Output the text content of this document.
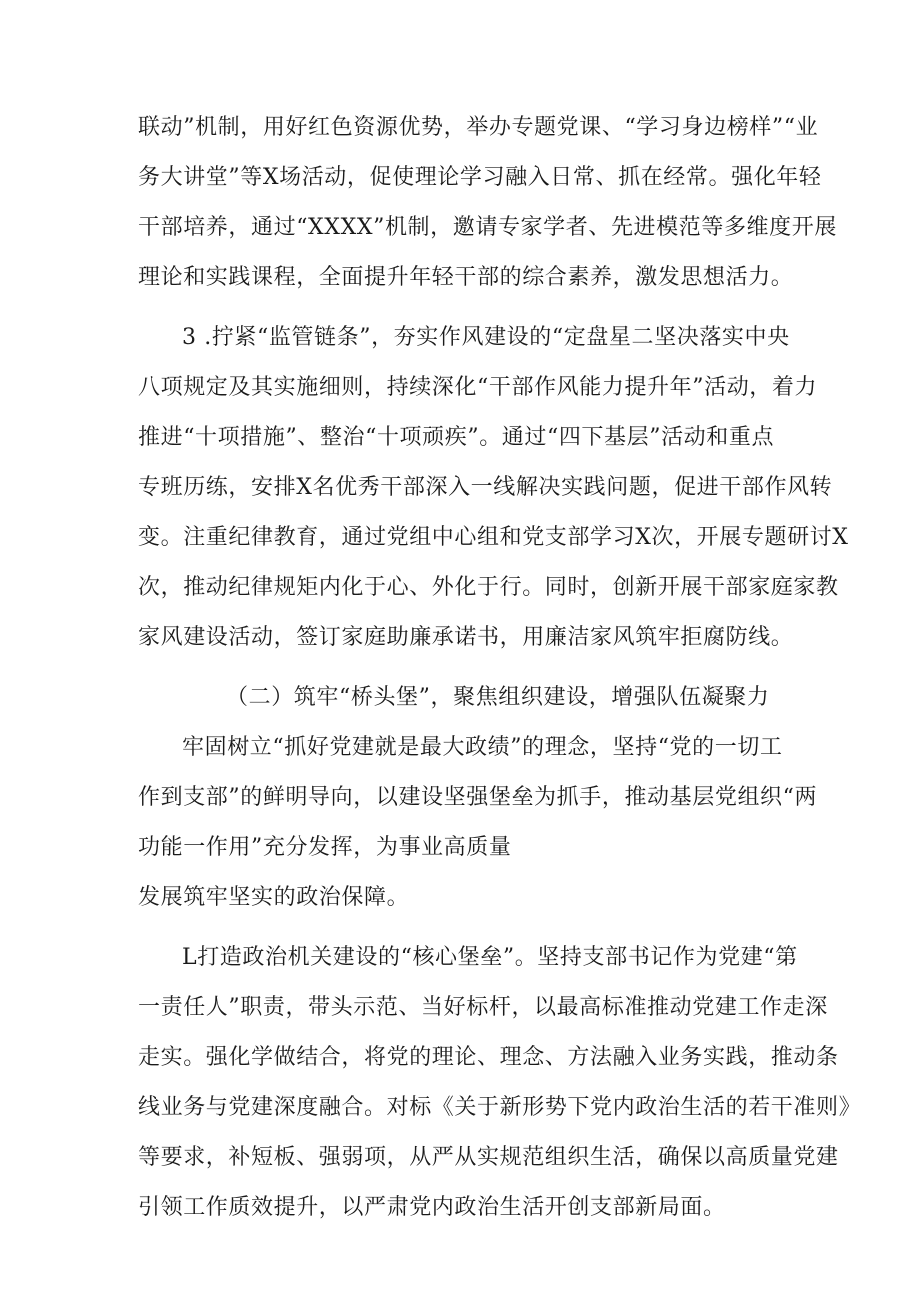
联动”机制，用好红色资源优势，举办专题党课、“学习身边榜样”“业
务大讲堂”等X场活动，促使理论学习融入日常、抓在经常。强化年轻
干部培养，通过“XXXX”机制，邀请专家学者、先进模范等多维度开展
理论和实践课程，全面提升年轻干部的综合素养，激发思想活力。
3 .拧紧“监管链条”，夯实作风建设的“定盘星二坚决落实中央
八项规定及其实施细则，持续深化“干部作风能力提升年”活动，着力
推进“十项措施”、整治“十项顽疾”。通过“四下基层”活动和重点
专班历练，安排X名优秀干部深入一线解决实践问题，促进干部作风转
变。注重纪律教育，通过党组中心组和党支部学习X次，开展专题研讨X
次，推动纪律规矩内化于心、外化于行。同时，创新开展干部家庭家教
家风建设活动，签订家庭助廉承诺书，用廉洁家风筑牢拒腐防线。
（二）筑牢“桥头堡”，聚焦组织建设，增强队伍凝聚力
牢固树立“抓好党建就是最大政绩”的理念，坚持“党的一切工
作到支部”的鲜明导向，以建设坚强堡垒为抓手，推动基层党组织“两
功能一作用”充分发挥，为事业高质量
发展筑牢坚实的政治保障。
L打造政治机关建设的“核心堡垒”。坚持支部书记作为党建“第
一责任人”职责，带头示范、当好标杆，以最高标准推动党建工作走深
走实。强化学做结合，将党的理论、理念、方法融入业务实践，推动条
线业务与党建深度融合。对标《关于新形势下党内政治生活的若干准则》
等要求，补短板、强弱项，从严从实规范组织生活，确保以高质量党建
引领工作质效提升，以严肃党内政治生活开创支部新局面。
